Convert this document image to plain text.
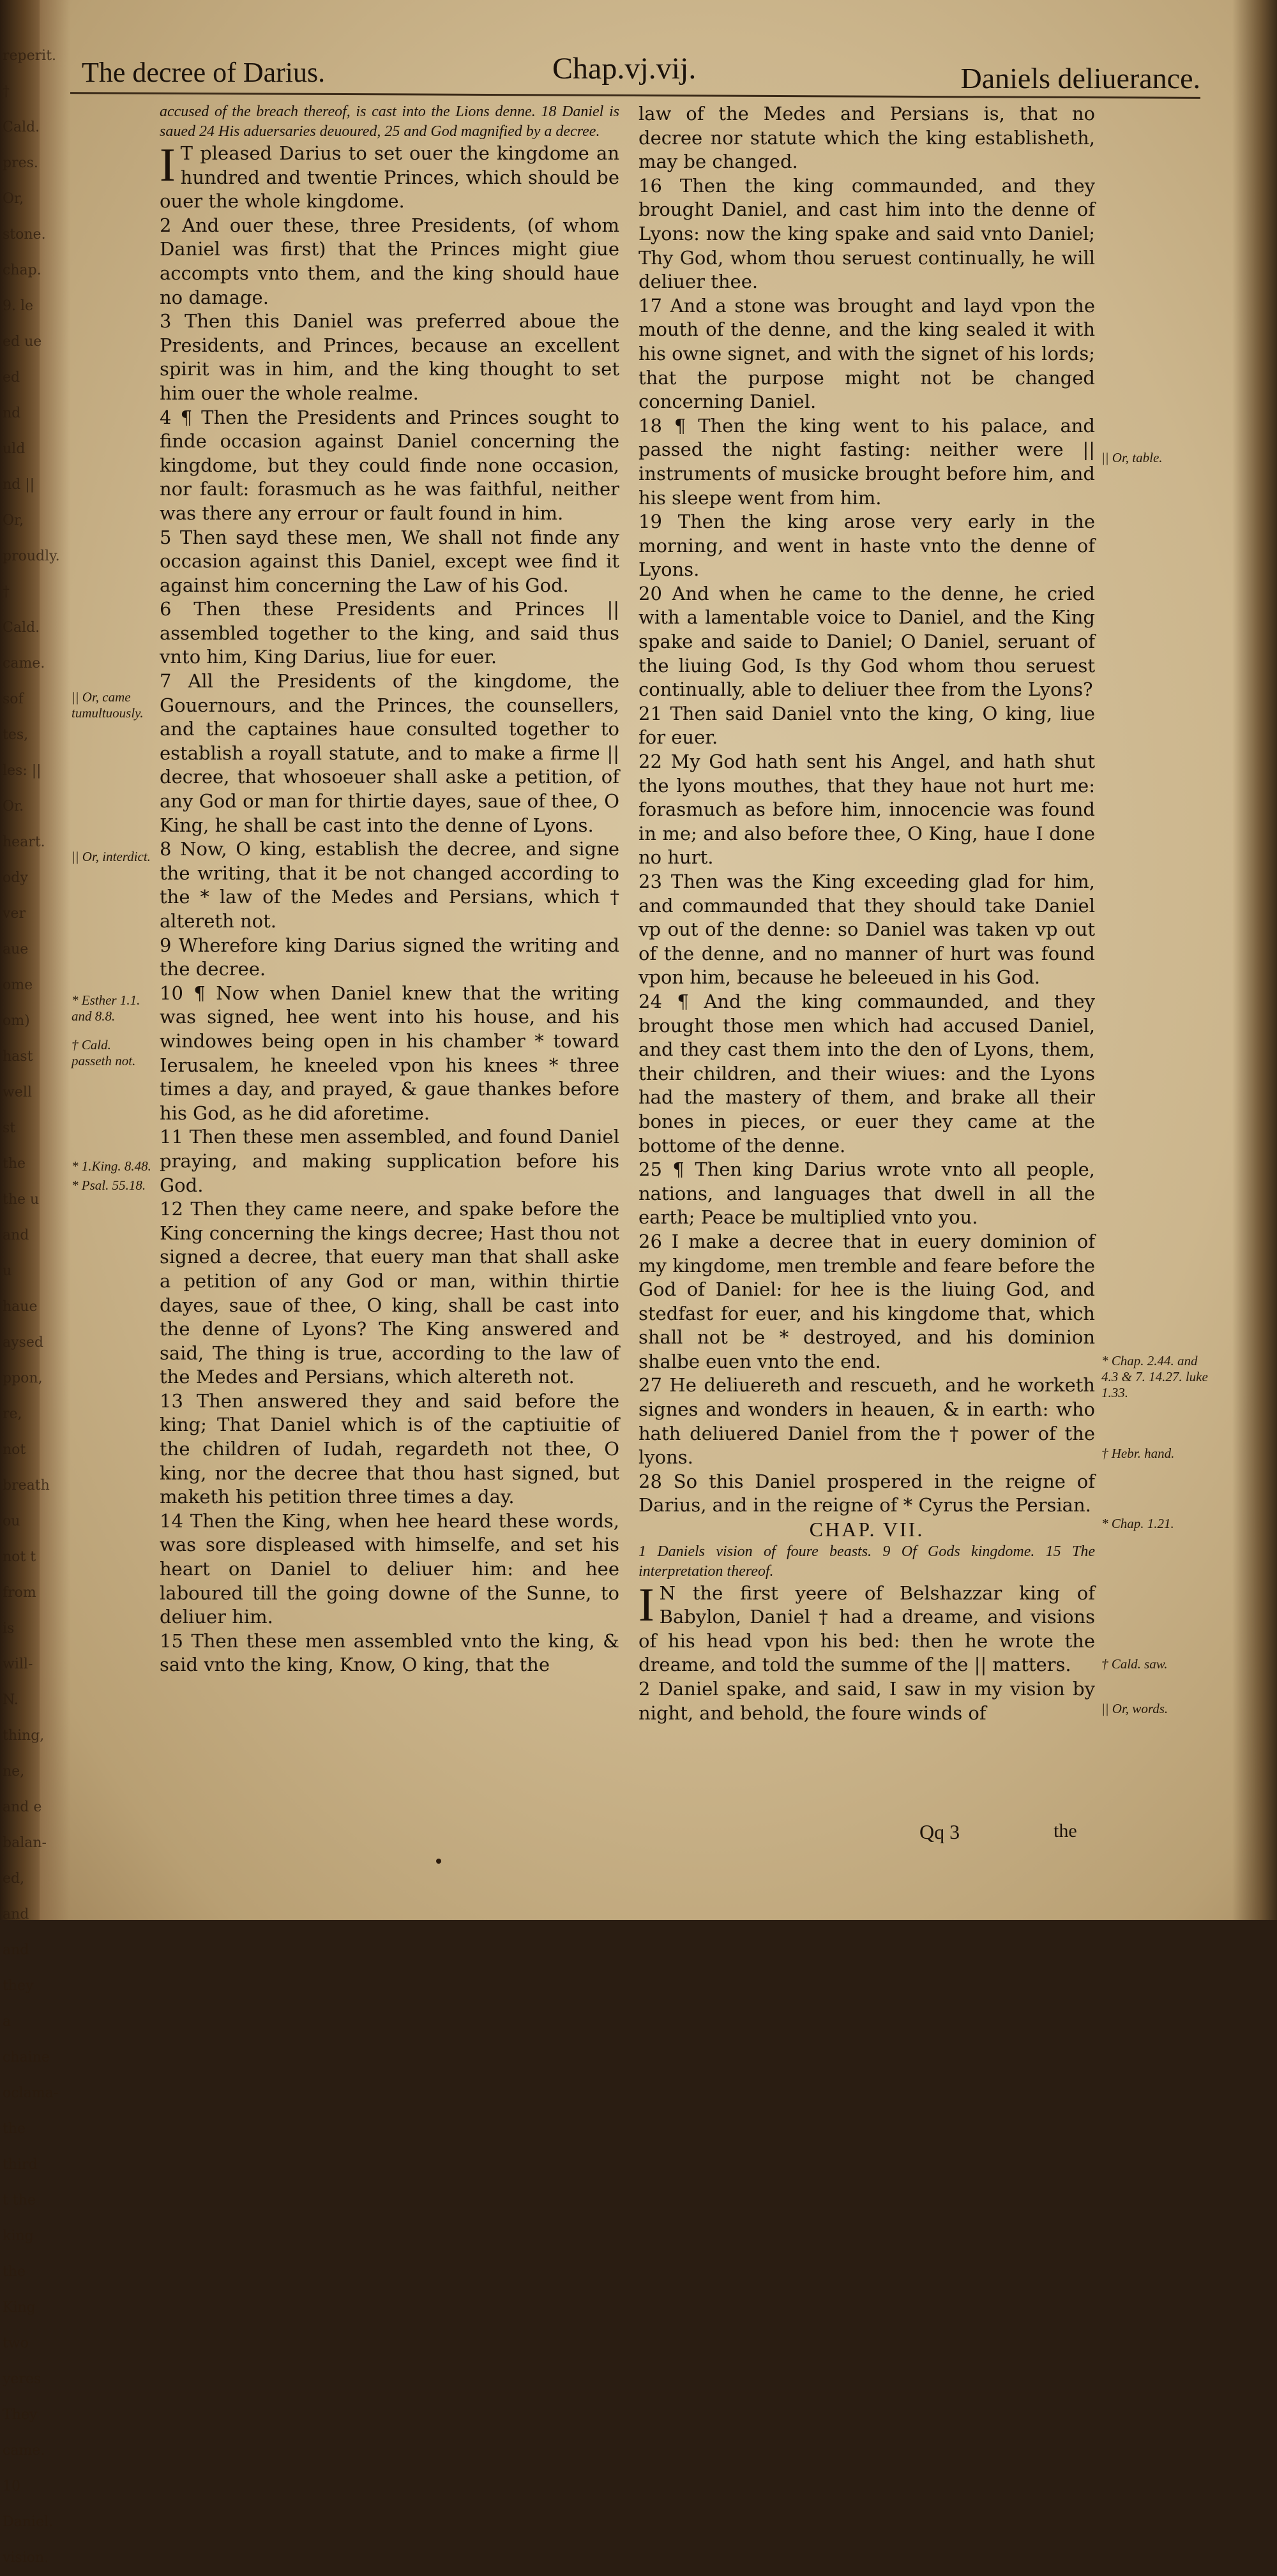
reperit. † Cald. pres. Or, stone. chap. 9. le ed ue ed nd uld nd || Or, proudly. † Cald. came. sof tes, les: || Or. heart. ody ver aue ome om) hast well st the the u and u haue aysed ppon, re, not breath ou not t from is will- N. thing, ne, and e balan- ed, and and they a chaine oclama- the third t the king the King two yeres They came. 10 Daniel. vision.
The decree of Darius.	Chap.vj.vij.	Daniels deliuerance.

accused of the breach thereof, is cast into the Lions denne. 18 Daniel is saued 24 His aduersaries deuoured, 25 and God magnified by a decree.

I T pleased Darius to set ouer the kingdome an hundred and twentie Princes, which should be ouer the whole kingdome.

2 And ouer these, three Presidents, (of whom Daniel was first) that the Princes might giue accompts vnto them, and the king should haue no damage.

3 Then this Daniel was preferred aboue the Presidents, and Princes, because an excellent spirit was in him, and the king thought to set him ouer the whole realme.

4 ¶ Then the Presidents and Princes sought to finde occasion against Daniel concerning the kingdome, but they could finde none occasion, nor fault: forasmuch as he was faithful, neither was there any errour or fault found in him.

5 Then sayd these men, We shall not finde any occasion against this Daniel, except wee find it against him concerning the Law of his God.

6 Then these Presidents and Princes || assembled together to the king, and said thus vnto him, King Darius, liue for euer.

7 All the Presidents of the kingdome, the Gouernours, and the Princes, the counsellers, and the captaines haue consulted together to establish a royall statute, and to make a firme || decree, that whosoeuer shall aske a petition, of any God or man for thirtie dayes, saue of thee, O King, he shall be cast into the denne of Lyons.

8 Now, O king, establish the decree, and signe the writing, that it be not changed according to the * law of the Medes and Persians, which † altereth not.

9 Wherefore king Darius signed the writing and the decree.

10 ¶ Now when Daniel knew that the writing was signed, hee went into his house, and his windowes being open in his chamber * toward Ierusalem, he kneeled vpon his knees * three times a day, and prayed, & gaue thankes before his God, as he did aforetime.

11 Then these men assembled, and found Daniel praying, and making supplication before his God.

12 Then they came neere, and spake before the King concerning the kings decree; Hast thou not signed a decree, that euery man that shall aske a petition of any God or man, within thirtie dayes, saue of thee, O king, shall be cast into the denne of Lyons? The King answered and said, The thing is true, according to the law of the Medes and Persians, which altereth not.

13 Then answered they and said before the king; That Daniel which is of the captiuitie of the children of Iudah, regardeth not thee, O king, nor the decree that thou hast signed, but maketh his petition three times a day.

14 Then the King, when hee heard these words, was sore displeased with himselfe, and set his heart on Daniel to deliuer him: and hee laboured till the going downe of the Sunne, to deliuer him.

15 Then these men assembled vnto the king, & said vnto the king, Know, O king, that the

law of the Medes and Persians is, that no decree nor statute which the king establisheth, may be changed.

16 Then the king commaunded, and they brought Daniel, and cast him into the denne of Lyons: now the king spake and said vnto Daniel; Thy God, whom thou seruest continually, he will deliuer thee.

17 And a stone was brought and layd vpon the mouth of the denne, and the king sealed it with his owne signet, and with the signet of his lords; that the purpose might not be changed concerning Daniel.

18 ¶ Then the king went to his palace, and passed the night fasting: neither were || instruments of musicke brought before him, and his sleepe went from him.

19 Then the king arose very early in the morning, and went in haste vnto the denne of Lyons.

20 And when he came to the denne, he cried with a lamentable voice to Daniel, and the King spake and saide to Daniel; O Daniel, seruant of the liuing God, Is thy God whom thou seruest continually, able to deliuer thee from the Lyons?

21 Then said Daniel vnto the king, O king, liue for euer.

22 My God hath sent his Angel, and hath shut the lyons mouthes, that they haue not hurt me: forasmuch as before him, innocencie was found in me; and also before thee, O King, haue I done no hurt.

23 Then was the King exceeding glad for him, and commaunded that they should take Daniel vp out of the denne: so Daniel was taken vp out of the denne, and no manner of hurt was found vpon him, because he beleeued in his God.

24 ¶ And the king commaunded, and they brought those men which had accused Daniel, and they cast them into the den of Lyons, them, their children, and their wiues: and the Lyons had the mastery of them, and brake all their bones in pieces, or euer they came at the bottome of the denne.

25 ¶ Then king Darius wrote vnto all people, nations, and languages that dwell in all the earth; Peace be multiplied vnto you.

26 I make a decree that in euery dominion of my kingdome, men tremble and feare before the God of Daniel: for hee is the liuing God, and stedfast for euer, and his kingdome that, which shall not be * destroyed, and his dominion shalbe euen vnto the end.

27 He deliuereth and rescueth, and he worketh signes and wonders in heauen, & in earth: who hath deliuered Daniel from the † power of the lyons.

28 So this Daniel prospered in the reigne of Darius, and in the reigne of * Cyrus the Persian.

CHAP. VII.

1 Daniels vision of foure beasts. 9 Of Gods kingdome. 15 The interpretation thereof.

I N the first yeere of Belshazzar king of Babylon, Daniel † had a dreame, and visions of his head vpon his bed: then he wrote the dreame, and told the summe of the || matters.

2 Daniel spake, and said, I saw in my vision by night, and behold, the foure winds of

|| Or, came tumultuously.
|| Or, interdict.
* Esther 1.1. and 8.8.
† Cald. passeth not.
* 1.King. 8.48.
* Psal. 55.18.
|| Or, table.
* Chap. 2.44. and 4.3 & 7. 14.27. luke 1.33.
† Hebr. hand.
* Chap. 1.21.
† Cald. saw.
|| Or, words.
Qq 3	the
